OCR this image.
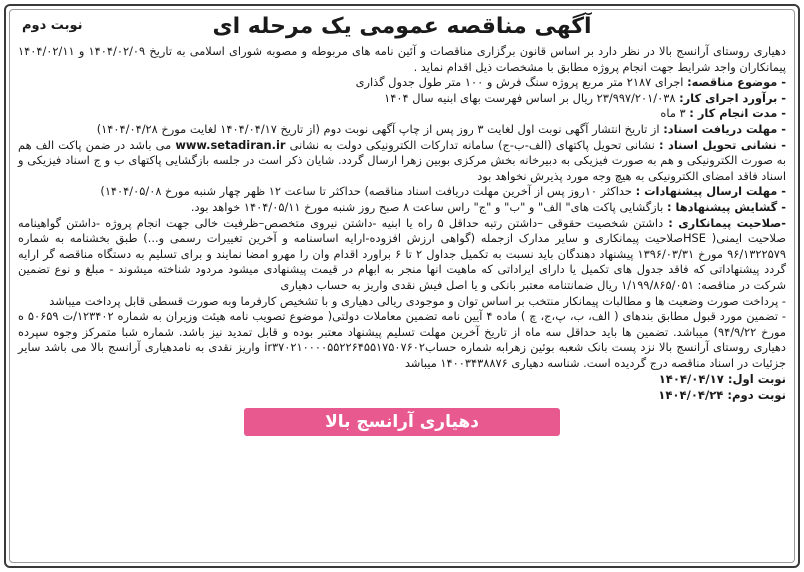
نوبت دوم	آگهی مناقصه عمومی یک مرحله ای

دهیاری روستای آرانسج بالا در نظر دارد بر اساس قانون برگزاری مناقصات و آئین نامه های مربوطه و مصوبه شورای اسلامی به تاریخ ۱۴۰۴/۰۲/۰۹ و ۱۴۰۴/۰۲/۱۱ پیمانکاران واجد شرایط جهت انجام پروژه مطابق با مشخصات ذیل اقدام نماید .

- موضوع مناقصه: اجرای ۲۱۸۷ متر مربع پروژه سنگ فرش و ۱۰۰ متر طول جدول گذاری

- برآورد اجرای کار: ۲۳/۹۹۷/۲۰۱/۰۳۸ ریال بر اساس فهرست بهای ابنیه سال ۱۴۰۴

- مدت انجام کار : ۳ ماه

- مهلت دریافت اسناد: از تاریخ انتشار آگهی نوبت اول لغایت ۳ روز پس از چاپ آگهی نوبت دوم (از تاریخ ۱۴۰۴/۰۴/۱۷ لغایت مورخ ۱۴۰۴/۰۴/۲۸)

- نشانی تحویل اسناد : نشانی تحویل پاکتهای (الف-ب-ج) سامانه تدارکات الکترونیکی دولت به نشانی www.setadiran.ir می باشد در ضمن پاکت الف هم به صورت الکترونیکی و هم به صورت فیزیکی به دبیرخانه بخش مرکزی بوبین زهرا ارسال گردد. شایان ذکر است در جلسه بازگشایی پاکتهای ب و ج اسناد فیزیکی و اسناد فاقد امضای الکترونیکی به هیچ وجه مورد پذیرش نخواهد بود

- مهلت ارسال پیشنهادات : حداکثر ۱۰روز پس از آخرین مهلت دریافت اسناد مناقصه) حداکثر تا ساعت ۱۲ ظهر چهار شنبه مورخ ۱۴۰۴/۰۵/۰۸)

- گشایش پیشنهادها : بازگشایی پاکت های" الف" و "ب" و "ج" راس ساعت ۸ صبح روز شنبه مورخ ۱۴۰۴/۰۵/۱۱ خواهد بود.

-صلاحیت پیمانکاری : داشتن شخصیت حقوقی –داشتن رتبه حداقل ۵ راه یا ابنیه -داشتن نیروی متخصص–ظرفیت خالی جهت انجام پروژه -داشتن گواهینامه صلاحیت ایمنی( HSEصلاحیت پیمانکاری و سایر مدارک ازجمله (گواهی ارزش افزوده-ارایه اساسنامه و آخرین تغییرات رسمی و...) طبق بخشنامه به شماره ۹۶/۱۳۲۲۵۷۹ مورخ ۱۳۹۶/۰۳/۳۱ پیشنهاد دهندگان باید نسبت به تکمیل جداول ۲ تا ۶ براورد اقدام وان را مهرو امضا نمایند و برای تسلیم به دستگاه مناقصه گر ارایه گردد پیشنهاداتی که فاقد جدول های تکمیل یا دارای ایراداتی که ماهیت انها منجر به ابهام در قیمت پیشنهادی میشود مردود شناخته میشوند - مبلغ و نوع تضمین شرکت در مناقصه: ۱/۱۹۹/۸۶۵/۰۵۱ ریال ضمانتنامه معتبر بانکی و یا اصل فیش نقدی واریز به حساب دهیاری

- پرداخت صورت وضعیت ها و مطالبات پیمانکار منتخب بر اساس توان و موجودی ریالی دهیاری و با تشخیص کارفرما وبه صورت قسطی قابل پرداخت میباشد

- تضمین مورد قبول مطابق بندهای ( الف، ب، پ،ج، چ ) ماده ۴ آیین نامه تضمین معاملات دولتی( موضوع تصویب نامه هیئت وزیران به شماره ۱۲۳۴۰۲/ت ۵۰۶۵۹ ه مورخ ۹۴/۹/۲۲) میباشد. تضمین ها باید حداقل سه ماه از تاریخ آخرین مهلت تسلیم پیشنهاد معتبر بوده و قابل تمدید نیز باشد. شماره شبا متمرکز وجوه سپرده دهیاری روستای آرانسج بالا نزد پست بانک شعبه بوئین زهرابه شماره حسابir۳۷۰۲۱۰۰۰۰۵۵۲۲۶۴۵۵۱۷۵۰۷۶۰۲ واریز نقدی به نامدهیاری آرانسج بالا می باشد سایر جزئیات در اسناد مناقصه درج گردیده است. شناسه دهیاری ۱۴۰۰۳۴۳۸۸۷۶ میباشد

نوبت اول: ۱۴۰۴/۰۴/۱۷
نوبت دوم: ۱۴۰۴/۰۴/۲۴
دهیاری آرانسج بالا
